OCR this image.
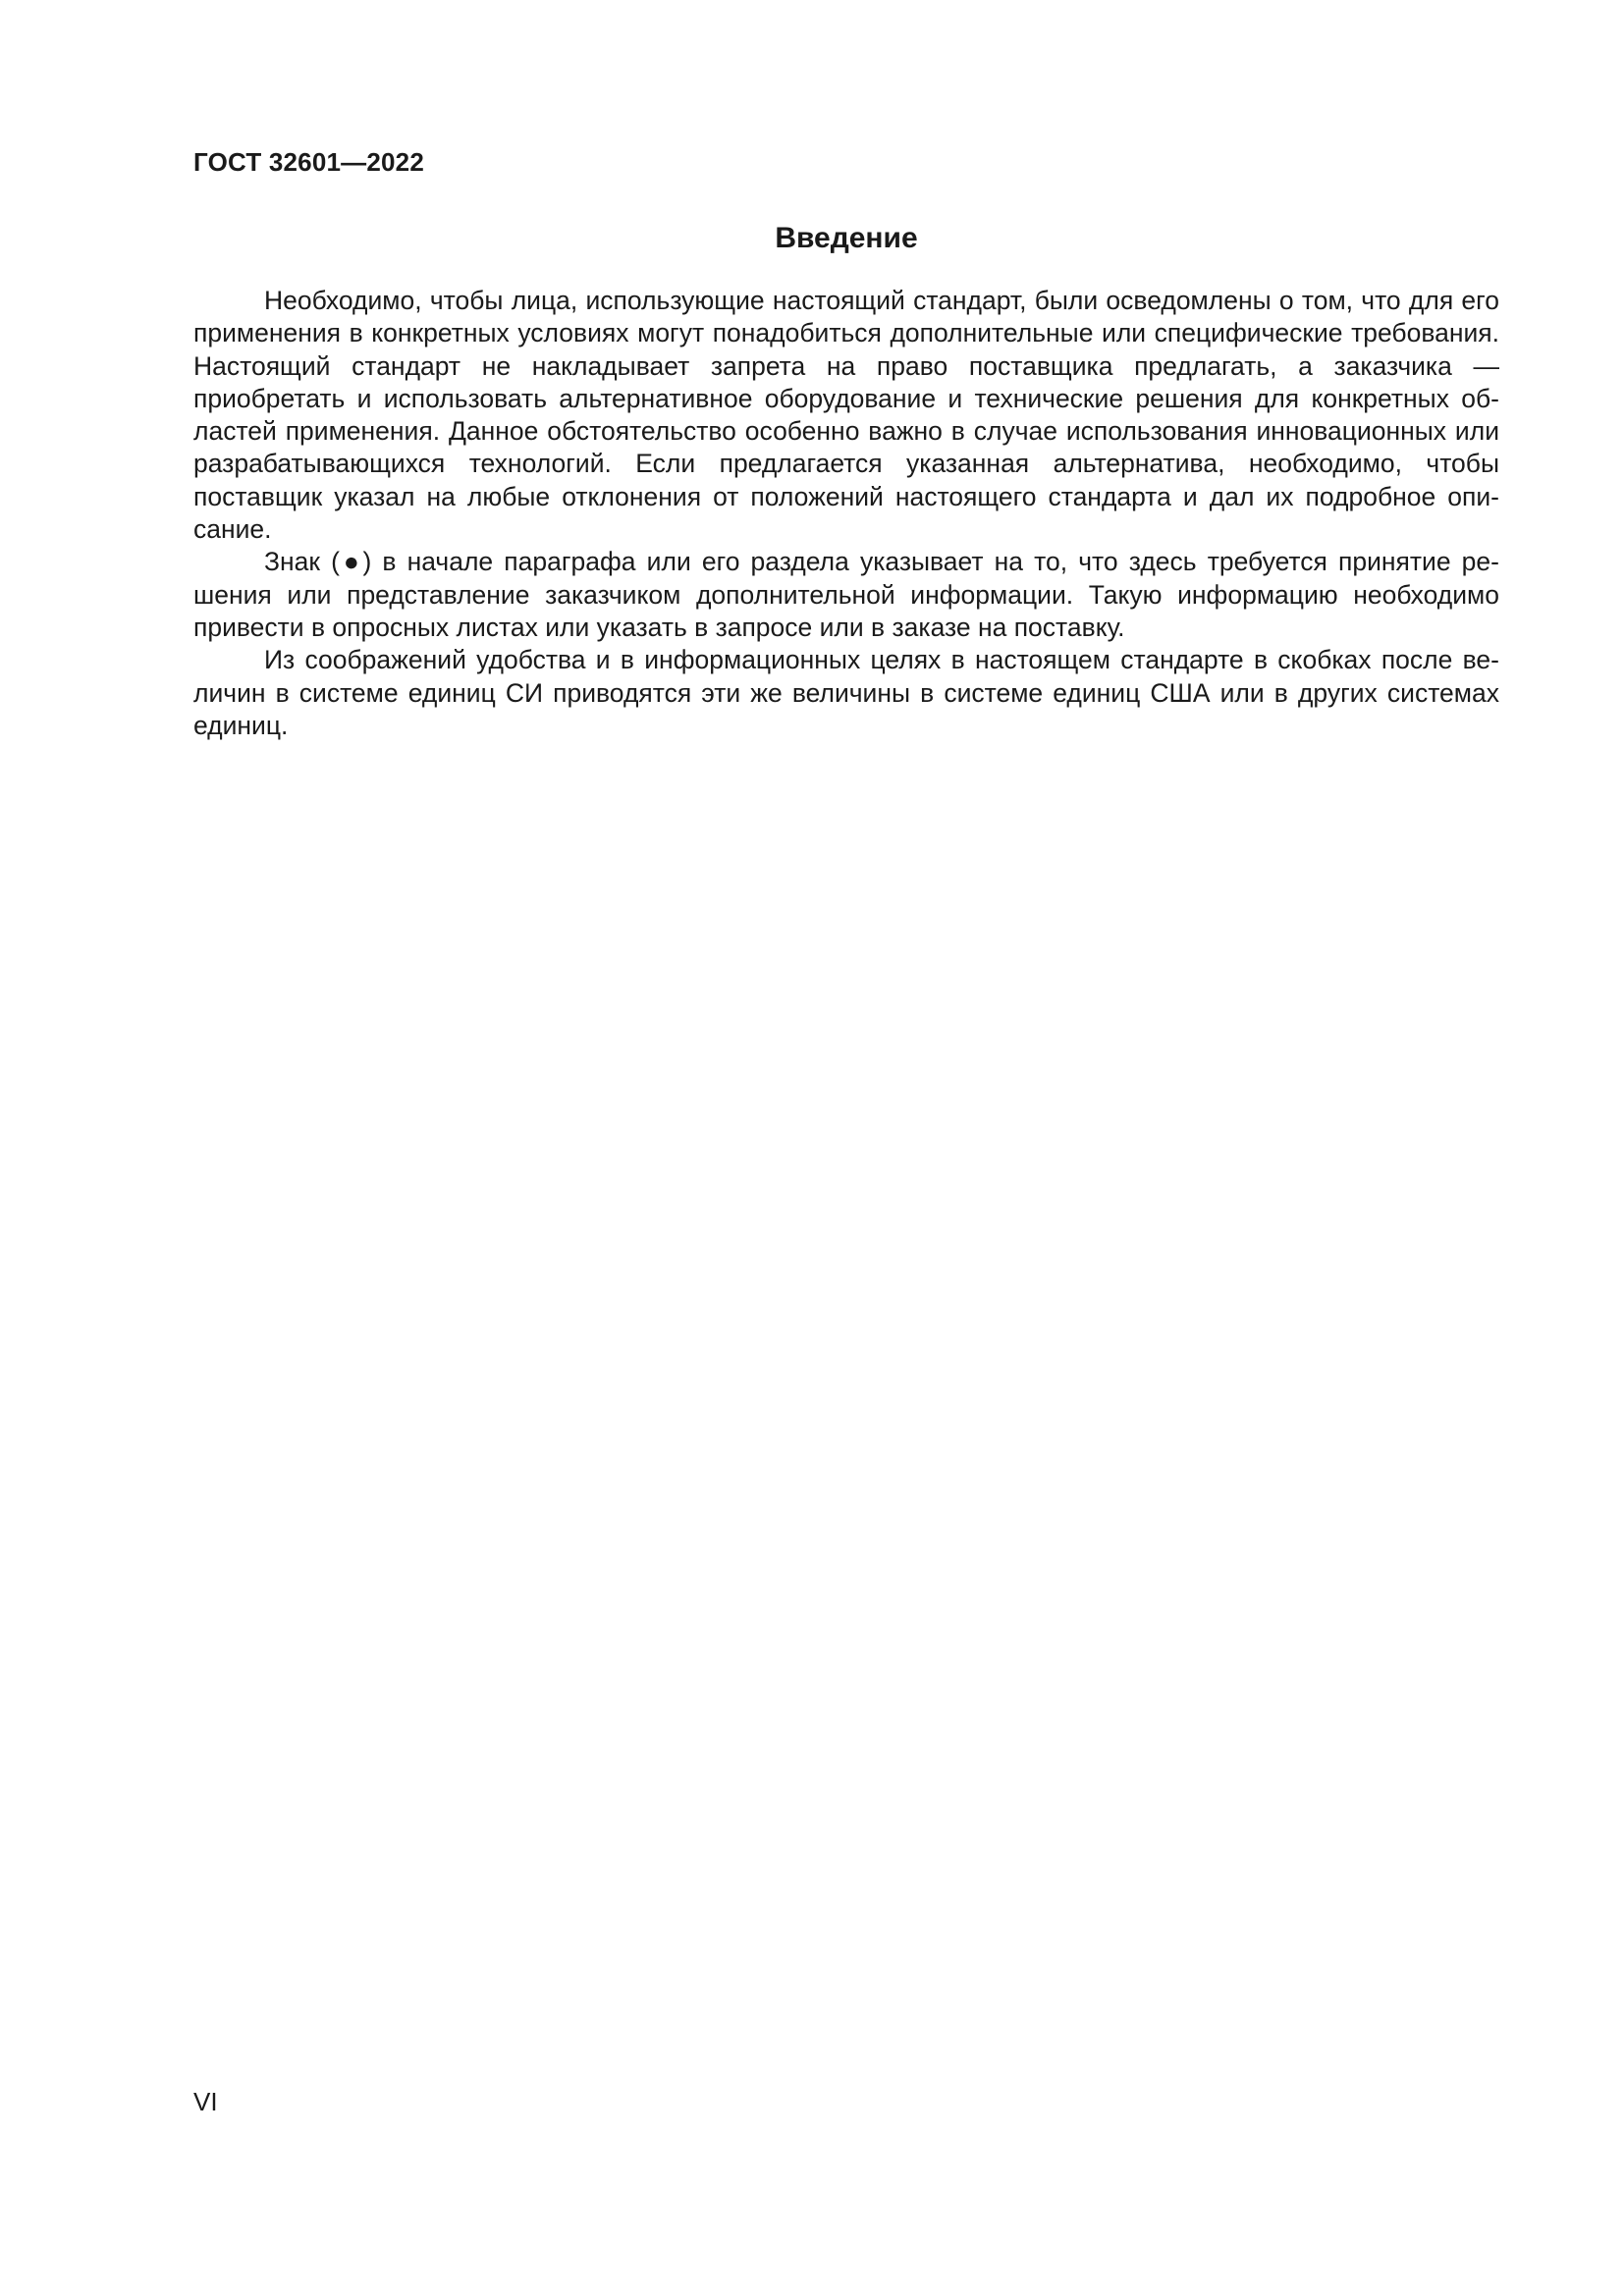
ГОСТ 32601—2022
Введение

Необходимо, чтобы лица, использующие настоящий стандарт, были осведомлены о том, что для его применения в конкретных условиях могут понадобиться дополнительные или специфические требования. Настоящий стандарт не накладывает запрета на право поставщика предлагать, а заказчика — приобретать и использовать альтернативное оборудование и технические решения для конкретных областей применения. Данное обстоятельство особенно важно в случае использования инновационных или разрабатывающихся технологий. Если предлагается указанная альтернатива, необходимо, чтобы поставщик указал на любые отклонения от положений настоящего стандарта и дал их подробное описание.

Знак (●) в начале параграфа или его раздела указывает на то, что здесь требуется принятие решения или представление заказчиком дополнительной информации. Такую информацию необходимо привести в опросных листах или указать в запросе или в заказе на поставку.

Из соображений удобства и в информационных целях в настоящем стандарте в скобках после величин в системе единиц СИ приводятся эти же величины в системе единиц США или в других системах единиц.

VI
